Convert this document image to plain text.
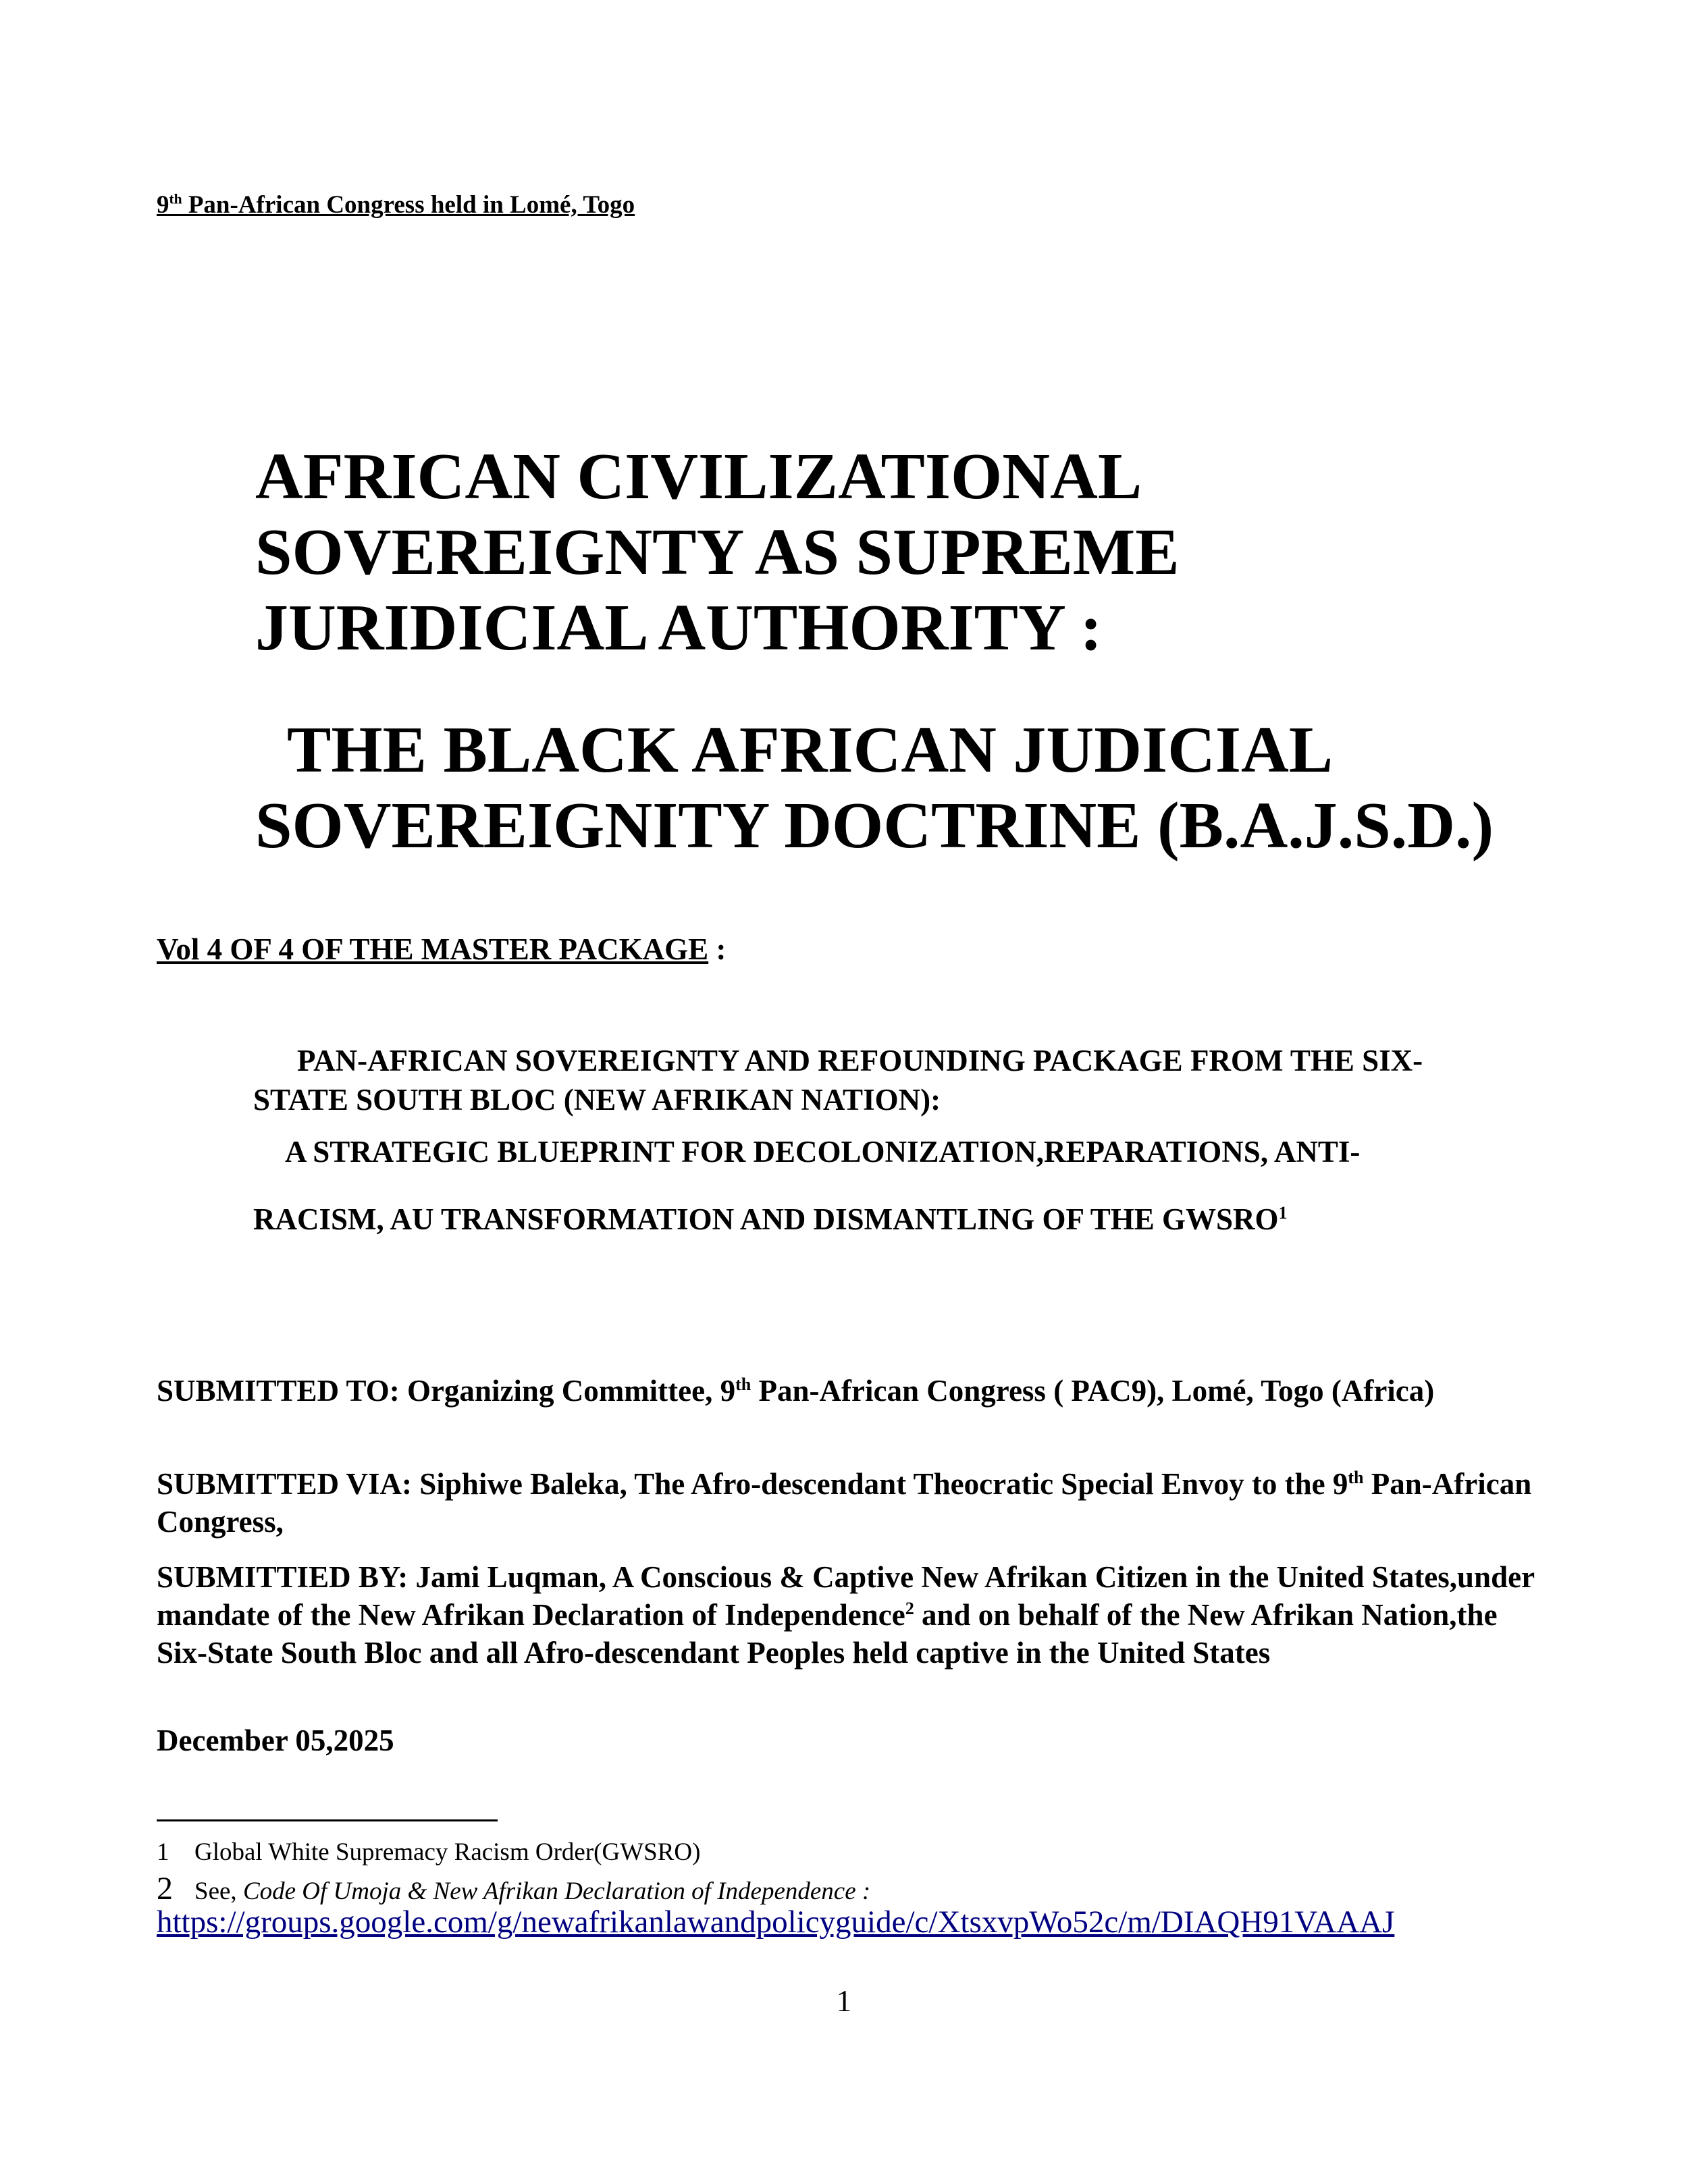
9th Pan-African Congress held in Lomé, Togo

AFRICAN CIVILIZATIONAL
SOVEREIGNTY AS SUPREME
JURIDICIAL AUTHORITY :
THE BLACK AFRICAN JUDICIAL
SOVEREIGNITY DOCTRINE (B.A.J.S.D.)

Vol 4 OF 4 OF THE MASTER PACKAGE :

PAN-AFRICAN SOVEREIGNTY AND REFOUNDING PACKAGE FROM THE SIX-
STATE SOUTH BLOC (NEW AFRIKAN NATION):
A STRATEGIC BLUEPRINT FOR DECOLONIZATION,REPARATIONS, ANTI-
RACISM, AU TRANSFORMATION AND DISMANTLING OF THE GWSRO$^1$

SUBMITTED TO: Organizing Committee, 9th Pan-African Congress ( PAC9), Lomé, Togo (Africa)

SUBMITTED VIA: Siphiwe Baleka, The Afro-descendant Theocratic Special Envoy to the 9th Pan-African Congress,

SUBMITTIED BY: Jami Luqman, A Conscious & Captive New Afrikan Citizen in the United States,under mandate of the New Afrikan Declaration of Independence$^2$ and on behalf of the New Afrikan Nation,the Six-State South Bloc and all Afro-descendant Peoples held captive in the United States

December 05,2025

1 Global White Supremacy Racism Order(GWSRO)

2 See, Code Of Umoja & New Afrikan Declaration of Independence :

https://groups.google.com/g/newafrikanlawandpolicyguide/c/XtsxvpWo52c/m/DIAQH91VAAAJ
1
